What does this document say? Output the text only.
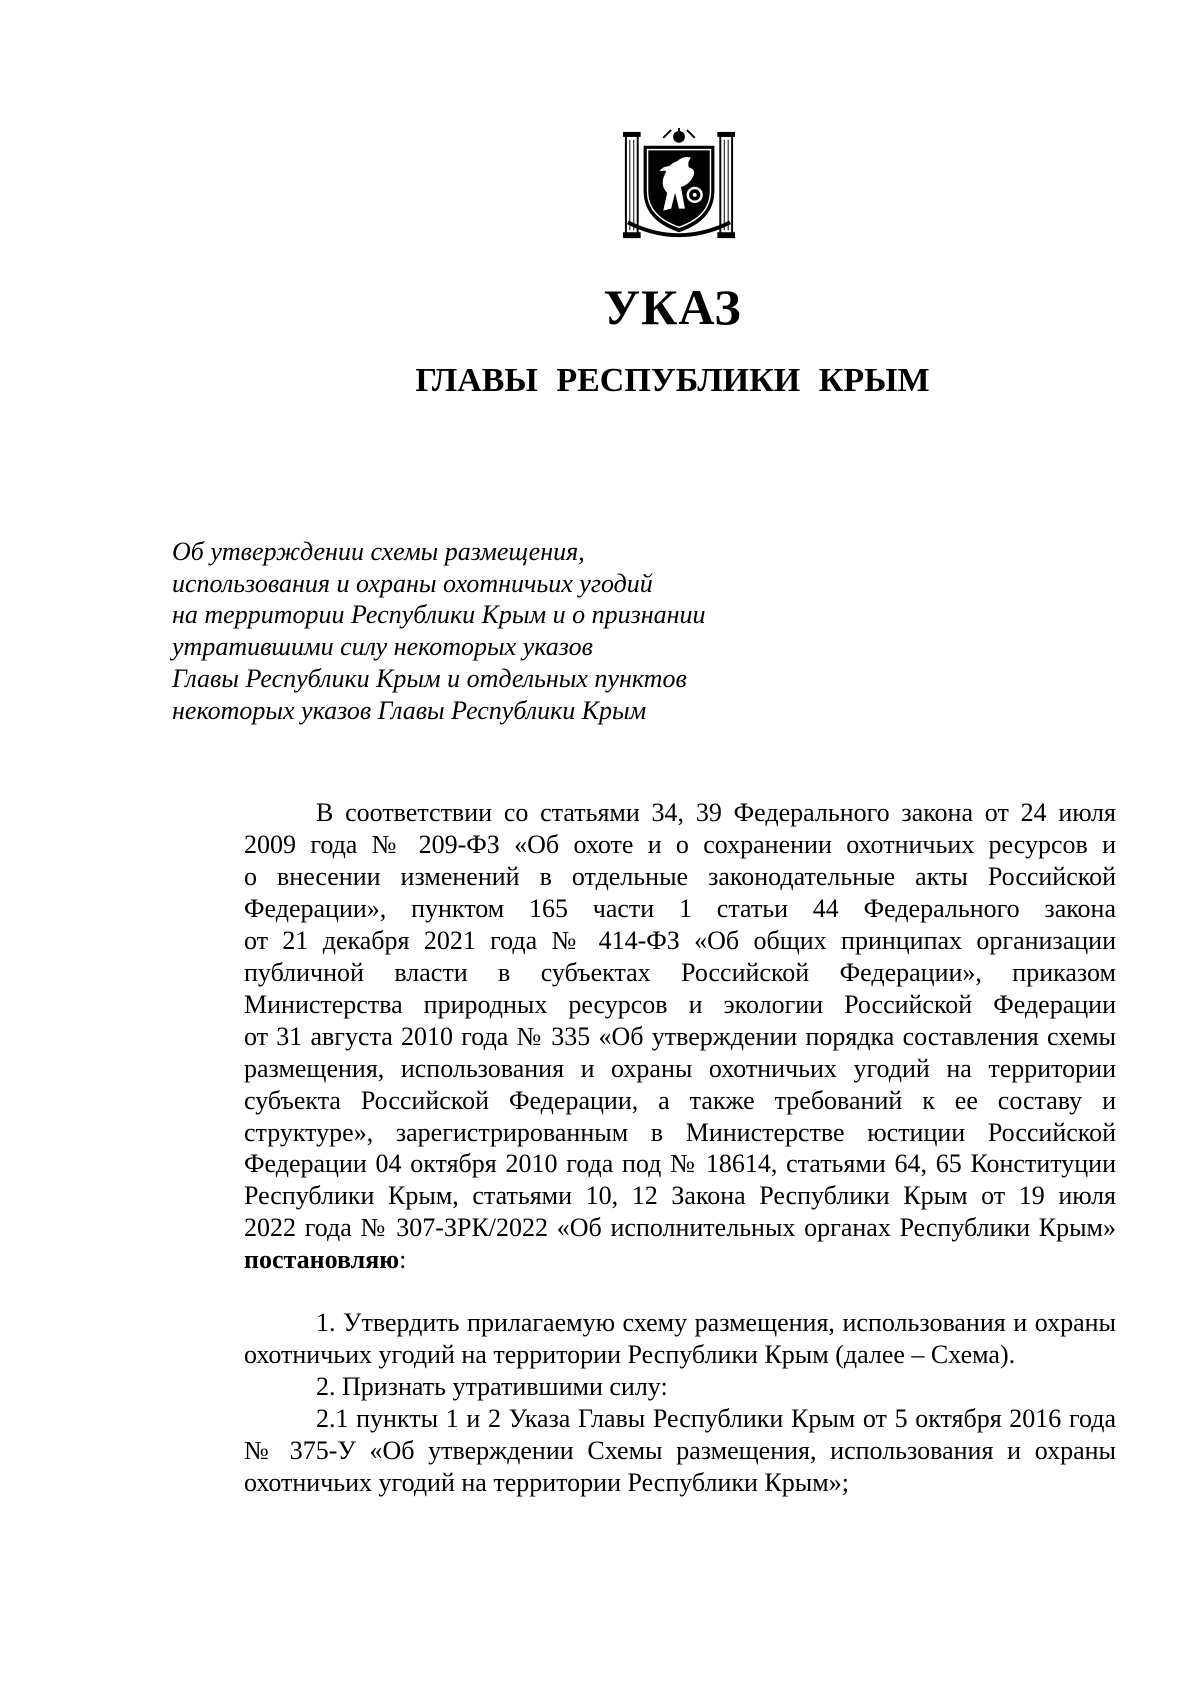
УКАЗ
ГЛАВЫ РЕСПУБЛИКИ КРЫМ
Об утверждении схемы размещения,
использования и охраны охотничьих угодий
на территории Республики Крым и о признании
утратившими силу некоторых указов
Главы Республики Крым и отдельных пунктов
некоторых указов Главы Республики Крым
В соответствии со статьями 34, 39 Федерального закона от 24 июля
2009 года № 209-ФЗ «Об охоте и о сохранении охотничьих ресурсов и
о внесении изменений в отдельные законодательные акты Российской
Федерации», пунктом 165 части 1 статьи 44 Федерального закона
от 21 декабря 2021 года № 414-ФЗ «Об общих принципах организации
публичной власти в субъектах Российской Федерации», приказом
Министерства природных ресурсов и экологии Российской Федерации
от 31 августа 2010 года № 335 «Об утверждении порядка составления схемы
размещения, использования и охраны охотничьих угодий на территории
субъекта Российской Федерации, а также требований к ее составу и
структуре», зарегистрированным в Министерстве юстиции Российской
Федерации 04 октября 2010 года под № 18614, статьями 64, 65 Конституции
Республики Крым, статьями 10, 12 Закона Республики Крым от 19 июля
2022 года № 307-ЗРК/2022 «Об исполнительных органах Республики Крым»
постановляю:
1. Утвердить прилагаемую схему размещения, использования и охраны
охотничьих угодий на территории Республики Крым (далее – Схема).
2. Признать утратившими силу:
2.1 пункты 1 и 2 Указа Главы Республики Крым от 5 октября 2016 года
№ 375-У «Об утверждении Схемы размещения, использования и охраны
охотничьих угодий на территории Республики Крым»;
